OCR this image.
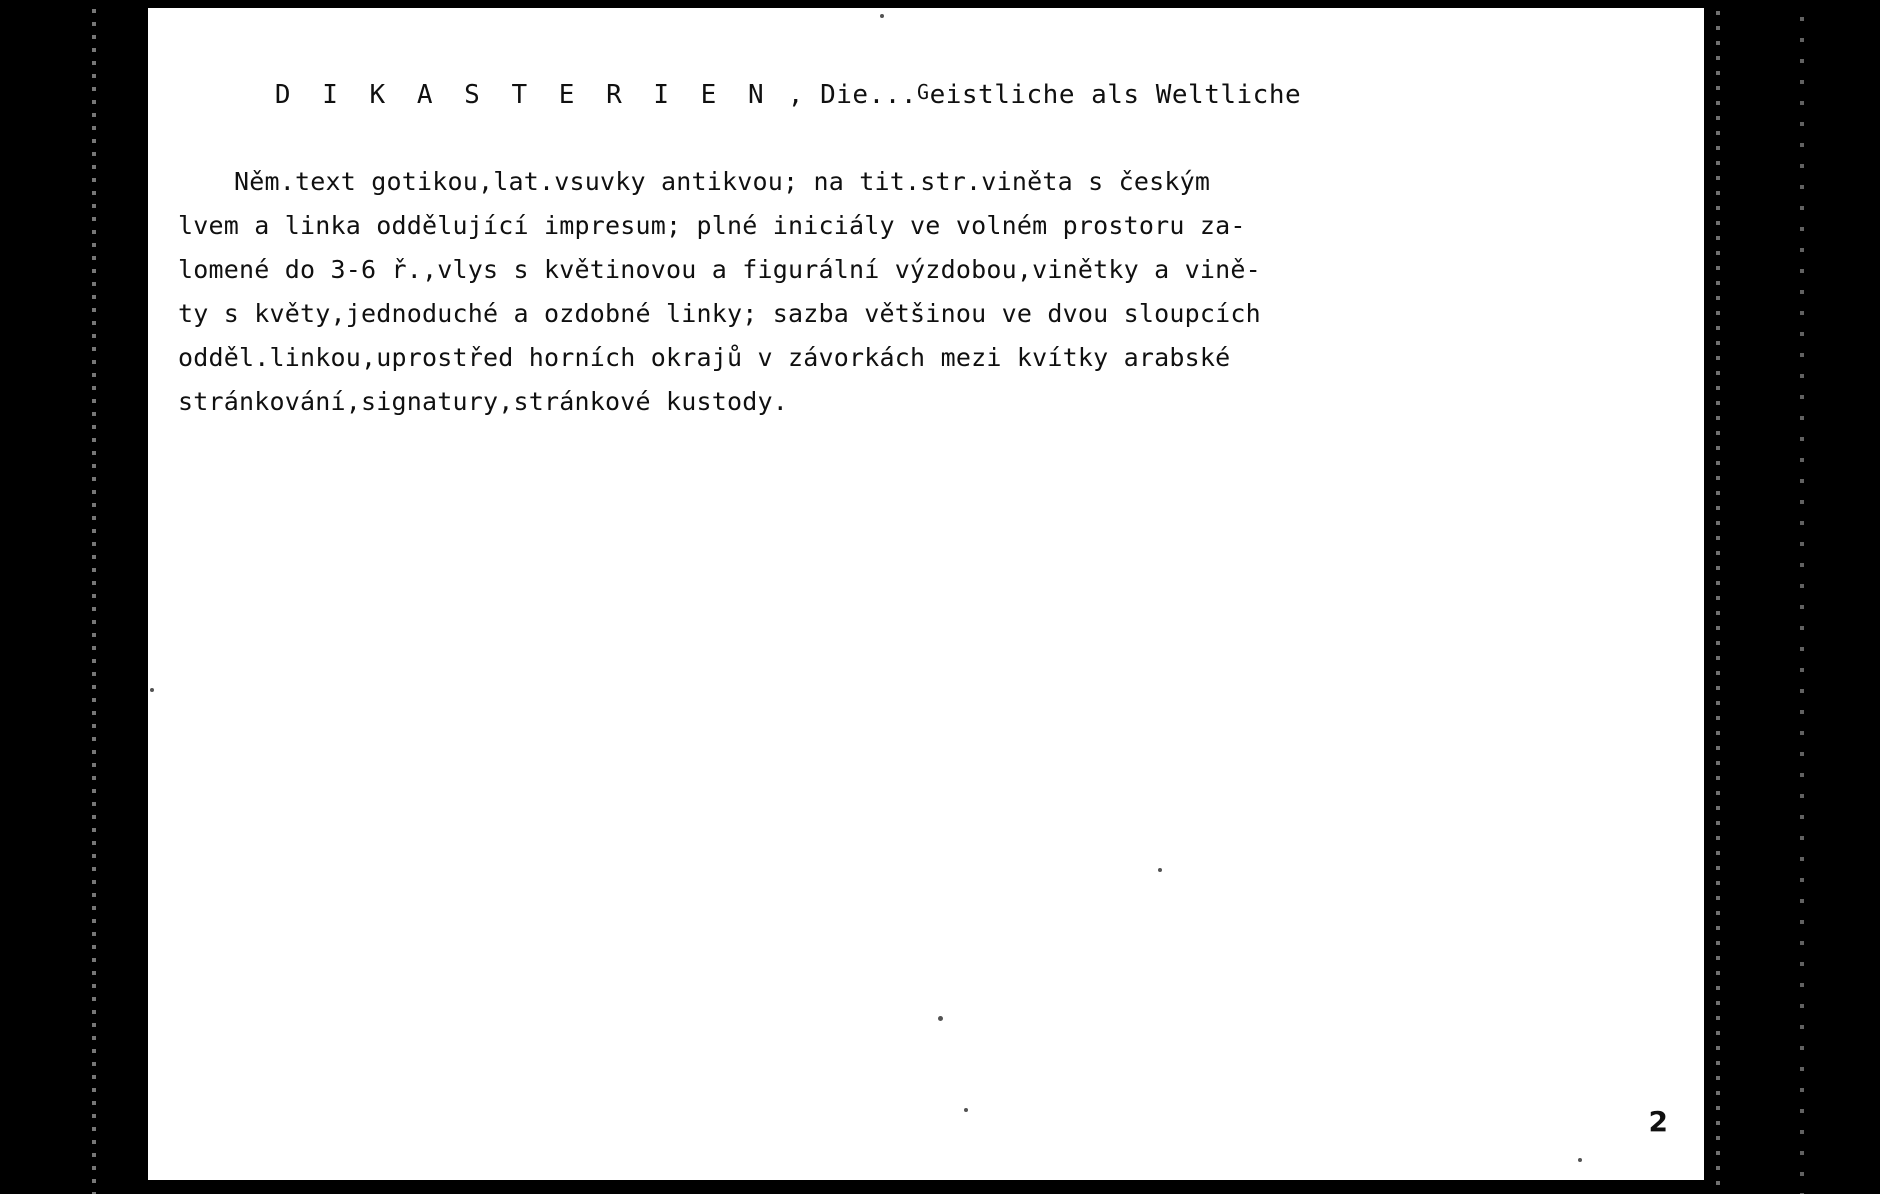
D I K A S T E R I E N , Die...$^G$eistliche als Weltliche

Něm.text gotikou,lat.vsuvky antikvou; na tit.str.viněta s českým
lvem a linka oddělující impresum; plné iniciály ve volném prostoru za-
lomené do 3-6 ř.,vlys s květinovou a figurální výzdobou,vinětky a vině-
ty s květy,jednoduché a ozdobné linky; sazba většinou ve dvou sloupcích
odděl.linkou,uprostřed horních okrajů v závorkách mezi kvítky arabské
stránkování,signatury,stránkové kustody.
2
